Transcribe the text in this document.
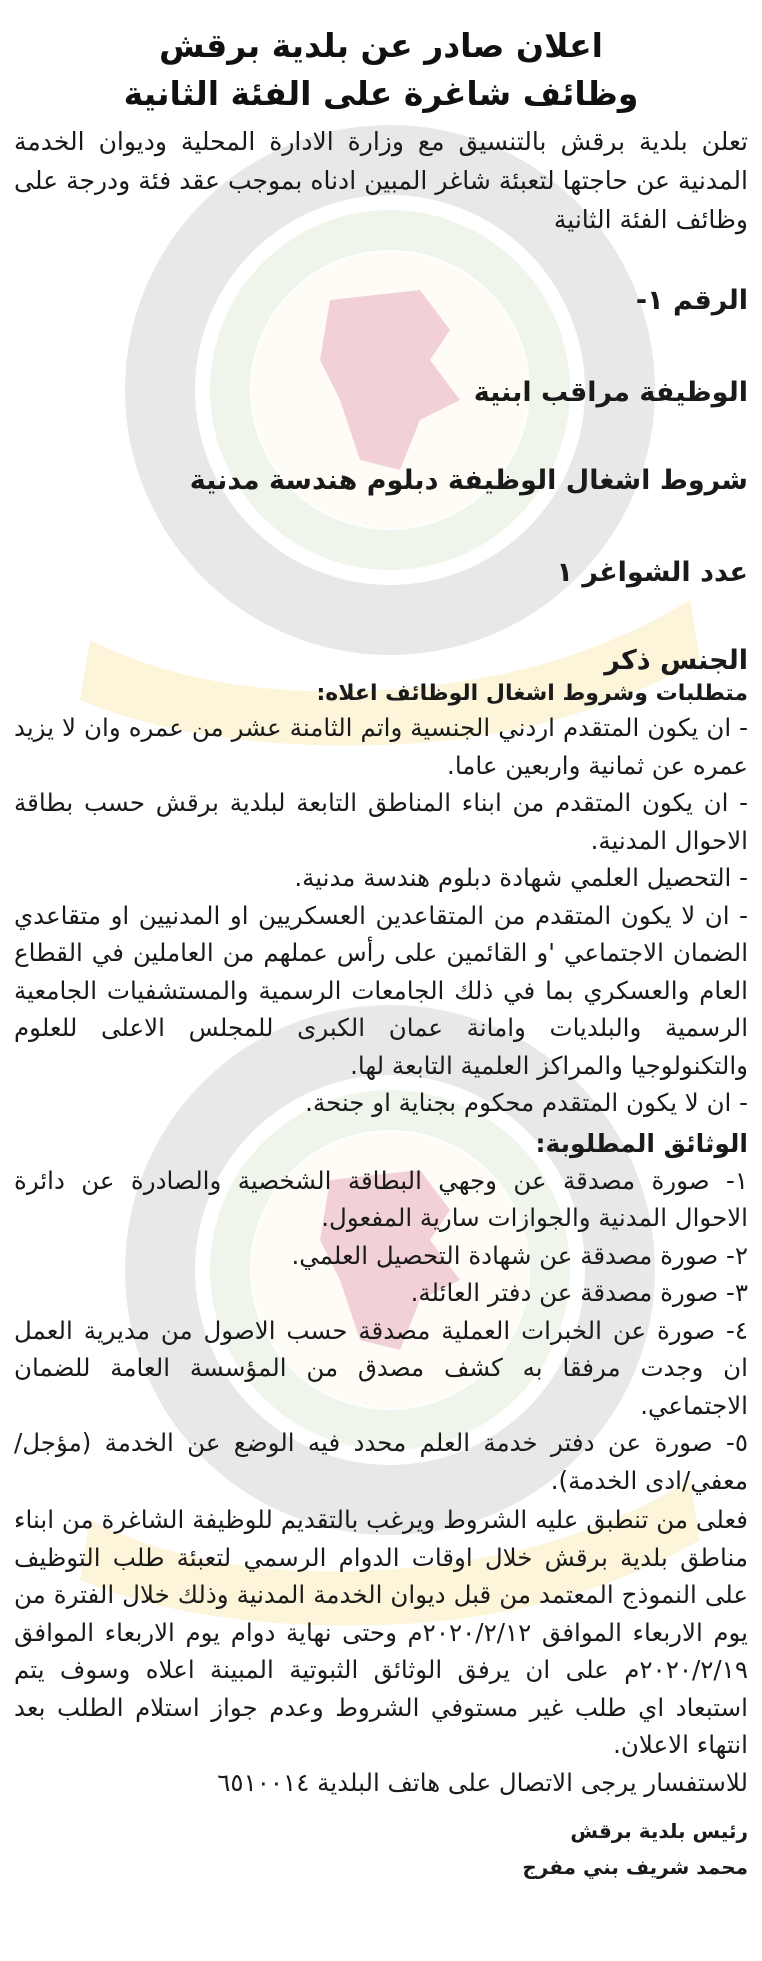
اعلان صادر عن بلدية برقش
وظائف شاغرة على الفئة الثانية

تعلن بلدية برقش بالتنسيق مع وزارة الادارة المحلية وديوان الخدمة المدنية عن حاجتها لتعبئة شاغر المبين ادناه بموجب عقد فئة ودرجة على وظائف الفئة الثانية

الرقم ١-

الوظيفة مراقب ابنية

شروط اشغال الوظيفة دبلوم هندسة مدنية

عدد الشواغر ١

الجنس ذكر

متطلبات وشروط اشغال الوظائف اعلاه:

- ان يكون المتقدم اردني الجنسية واتم الثامنة عشر من عمره وان لا يزيد عمره عن ثمانية واربعين عاما.
- ان يكون المتقدم من ابناء المناطق التابعة لبلدية برقش حسب بطاقة الاحوال المدنية.
- التحصيل العلمي شهادة دبلوم هندسة مدنية.
- ان لا يكون المتقدم من المتقاعدين العسكريين او المدنيين او متقاعدي الضمان الاجتماعي 'و القائمين على رأس عملهم من العاملين في القطاع العام والعسكري بما في ذلك الجامعات الرسمية والمستشفيات الجامعية الرسمية والبلديات وامانة عمان الكبرى للمجلس الاعلى للعلوم والتكنولوجيا والمراكز العلمية التابعة لها.
- ان لا يكون المتقدم محكوم بجناية او جنحة.

الوثائق المطلوبة:

١- صورة مصدقة عن وجهي البطاقة الشخصية والصادرة عن دائرة الاحوال المدنية والجوازات سارية المفعول.
٢- صورة مصدقة عن شهادة التحصيل العلمي.
٣- صورة مصدقة عن دفتر العائلة.
٤- صورة عن الخبرات العملية مصدقة حسب الاصول من مديرية العمل ان وجدت مرفقا به كشف مصدق من المؤسسة العامة للضمان الاجتماعي.
٥- صورة عن دفتر خدمة العلم محدد فيه الوضع عن الخدمة (مؤجل/معفي/ادى الخدمة).

فعلى من تنطبق عليه الشروط ويرغب بالتقديم للوظيفة الشاغرة من ابناء مناطق بلدية برقش خلال اوقات الدوام الرسمي لتعبئة طلب التوظيف على النموذج المعتمد من قبل ديوان الخدمة المدنية وذلك خلال الفترة من يوم الاربعاء الموافق ٢٠٢٠/٢/١٢م وحتى نهاية دوام يوم الاربعاء الموافق ٢٠٢٠/٢/١٩م على ان يرفق الوثائق الثبوتية المبينة اعلاه وسوف يتم استبعاد اي طلب غير مستوفي الشروط وعدم جواز استلام الطلب بعد انتهاء الاعلان.

للاستفسار يرجى الاتصال على هاتف البلدية ٦٥١٠٠١٤

رئيس بلدية برقش
محمد شريف بني مفرج
